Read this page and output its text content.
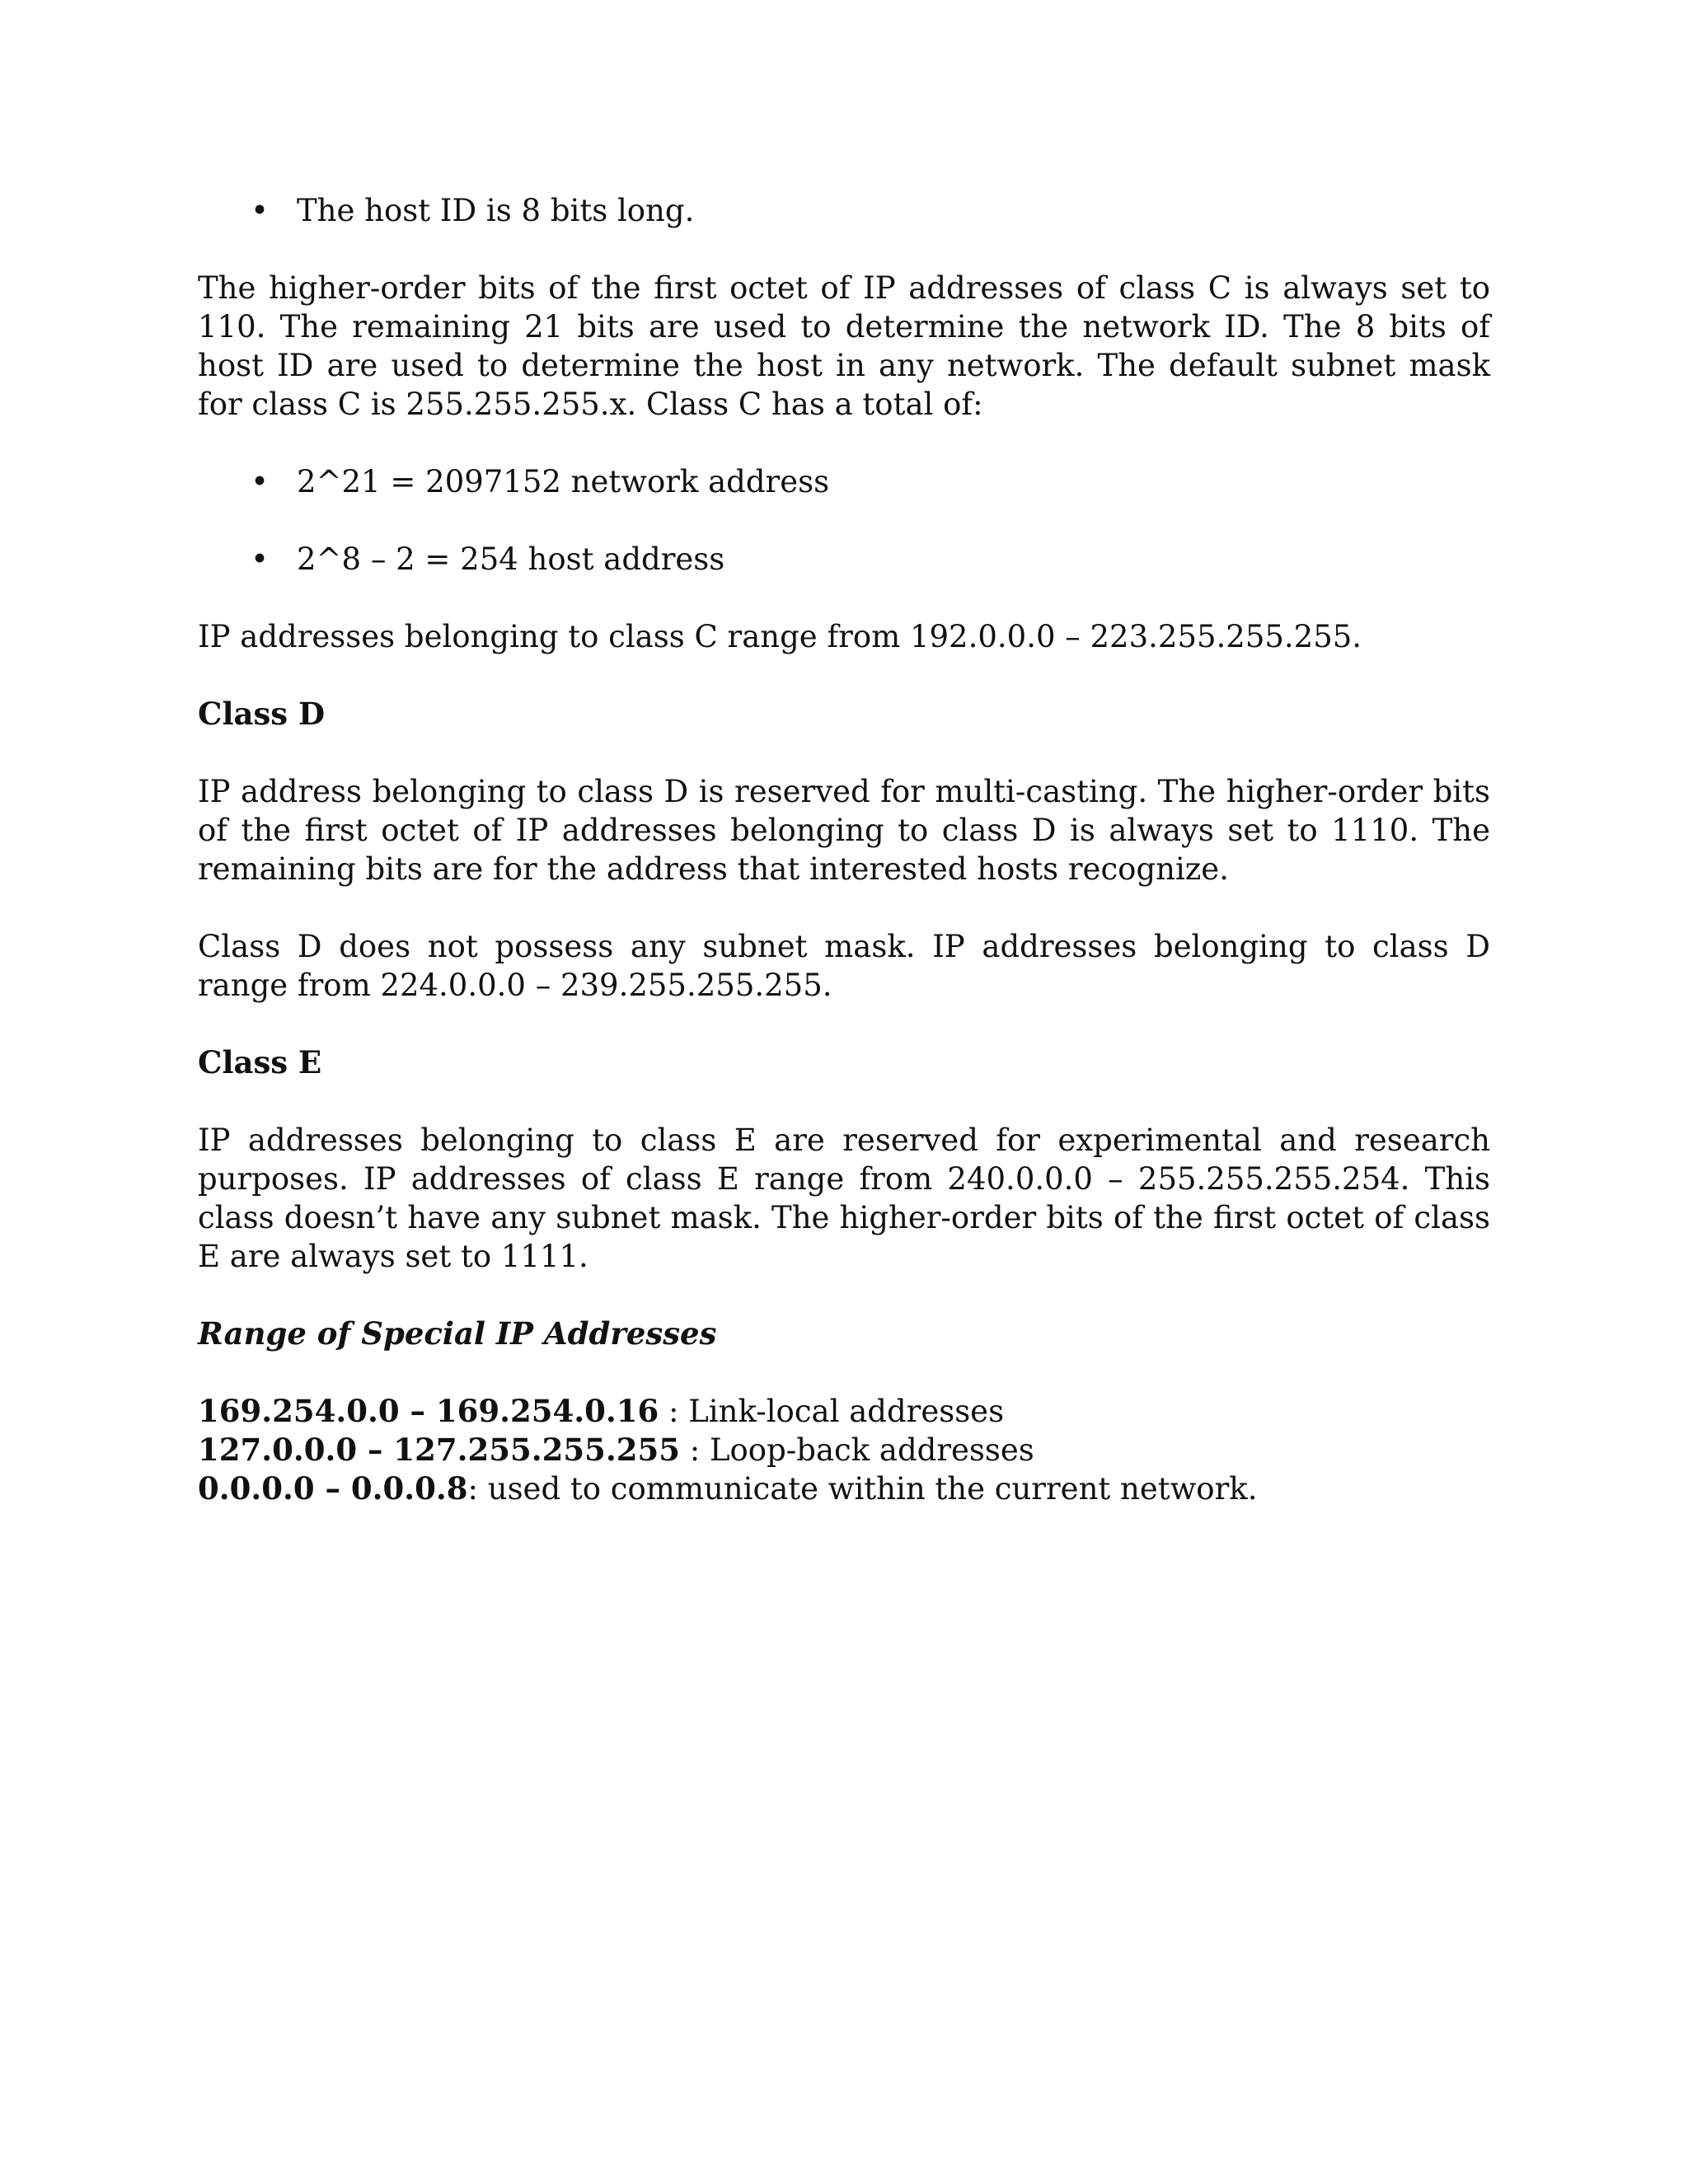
• The host ID is 8 bits long.

The higher-order bits of the first octet of IP addresses of class C is always set to 110. The remaining 21 bits are used to determine the network ID. The 8 bits of host ID are used to determine the host in any network. The default subnet mask for class C is 255.255.255.x. Class C has a total of:

• 2^21 = 2097152 network address
• 2^8 – 2 = 254 host address

IP addresses belonging to class C range from 192.0.0.0 – 223.255.255.255.

Class D

IP address belonging to class D is reserved for multi-casting. The higher-order bits of the first octet of IP addresses belonging to class D is always set to 1110. The remaining bits are for the address that interested hosts recognize.

Class D does not possess any subnet mask. IP addresses belonging to class D range from 224.0.0.0 – 239.255.255.255.

Class E

IP addresses belonging to class E are reserved for experimental and research purposes. IP addresses of class E range from 240.0.0.0 – 255.255.255.254. This class doesn’t have any subnet mask. The higher-order bits of the first octet of class E are always set to 1111.

Range of Special IP Addresses

169.254.0.0 – 169.254.0.16 : Link-local addresses

127.0.0.0 – 127.255.255.255 : Loop-back addresses

0.0.0.0 – 0.0.0.8: used to communicate within the current network.
